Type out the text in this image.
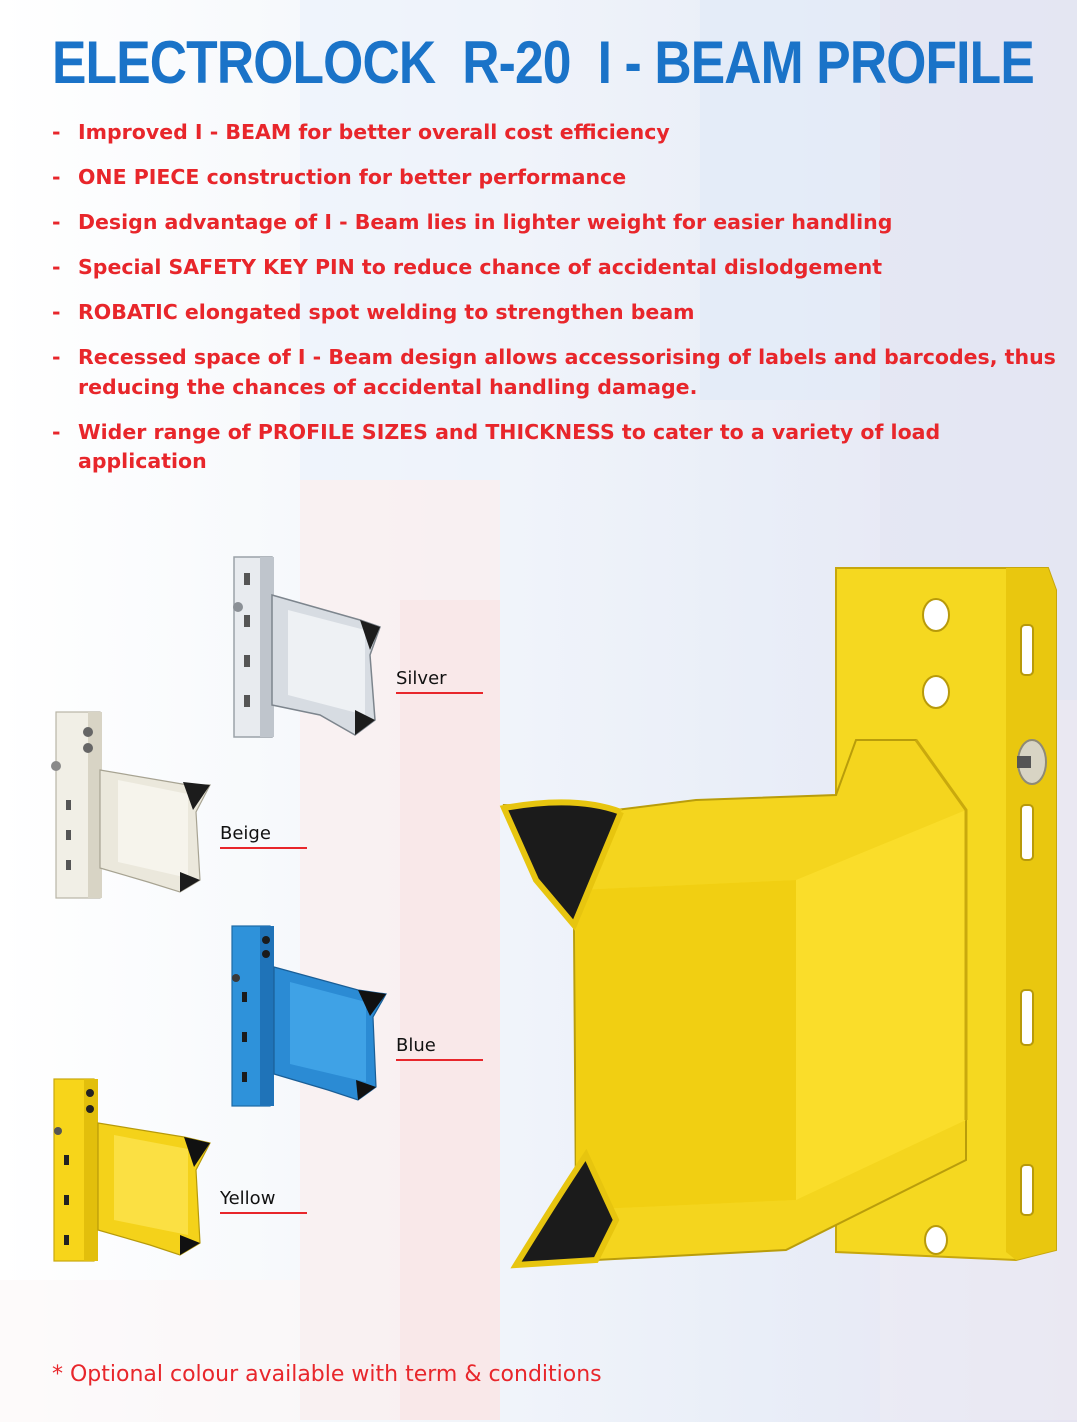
ELECTROLOCK  R-20  I - BEAM PROFILE
- Improved I - BEAM for better overall cost efficiency
- ONE PIECE construction for better performance
- Design advantage of I - Beam lies in lighter weight for easier handling
- Special SAFETY KEY PIN to reduce chance of accidental dislodgement
- ROBATIC elongated spot welding to strengthen beam
- Recessed space of I - Beam design allows accessorising of labels and barcodes, thus reducing the chances of accidental handling damage.
- Wider range of PROFILE SIZES and THICKNESS to cater to a variety of load application
Silver
Beige
Blue
Yellow
* Optional colour available with term & conditions
